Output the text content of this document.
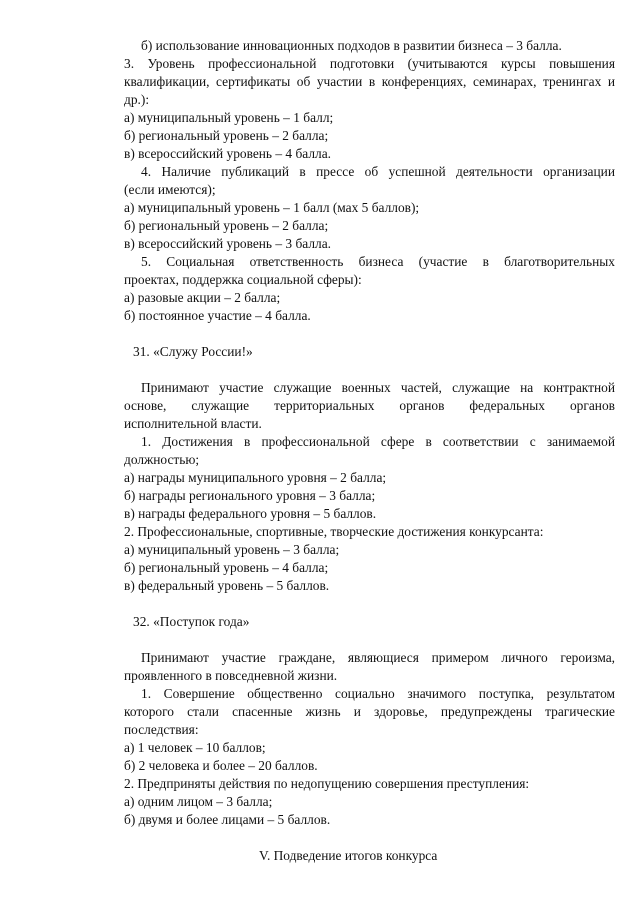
б) использование инновационных подходов в развитии бизнеса – 3 балла.
3. Уровень профессиональной подготовки (учитываются курсы повышения
квалификации, сертификаты об участии в конференциях, семинарах, тренингах и
др.):
а) муниципальный уровень – 1 балл;
б) региональный уровень – 2 балла;
в) всероссийский уровень – 4 балла.
4. Наличие публикаций в прессе об успешной деятельности организации
(если имеются);
а) муниципальный уровень – 1 балл (мах 5 баллов);
б) региональный уровень – 2 балла;
в) всероссийский уровень – 3 балла.
5. Социальная ответственность бизнеса (участие в благотворительных
проектах, поддержка социальной сферы):
а) разовые акции – 2 балла;
б) постоянное участие – 4 балла.
31. «Служу России!»
Принимают участие служащие военных частей, служащие на контрактной
основе, служащие территориальных органов федеральных органов
исполнительной власти.
1. Достижения в профессиональной сфере в соответствии с занимаемой
должностью;
а) награды муниципального уровня – 2 балла;
б) награды регионального уровня – 3 балла;
в) награды федерального уровня – 5 баллов.
2. Профессиональные, спортивные, творческие достижения конкурсанта:
а) муниципальный уровень – 3 балла;
б) региональный уровень – 4 балла;
в) федеральный уровень – 5 баллов.
32. «Поступок года»
Принимают участие граждане, являющиеся примером личного героизма,
проявленного в повседневной жизни.
1. Совершение общественно социально значимого поступка, результатом
которого стали спасенные жизнь и здоровье, предупреждены трагические
последствия:
а) 1 человек – 10 баллов;
б) 2 человека и более – 20 баллов.
2. Предприняты действия по недопущению совершения преступления:
а) одним лицом – 3 балла;
б) двумя и более лицами – 5 баллов.
V. Подведение итогов конкурса
